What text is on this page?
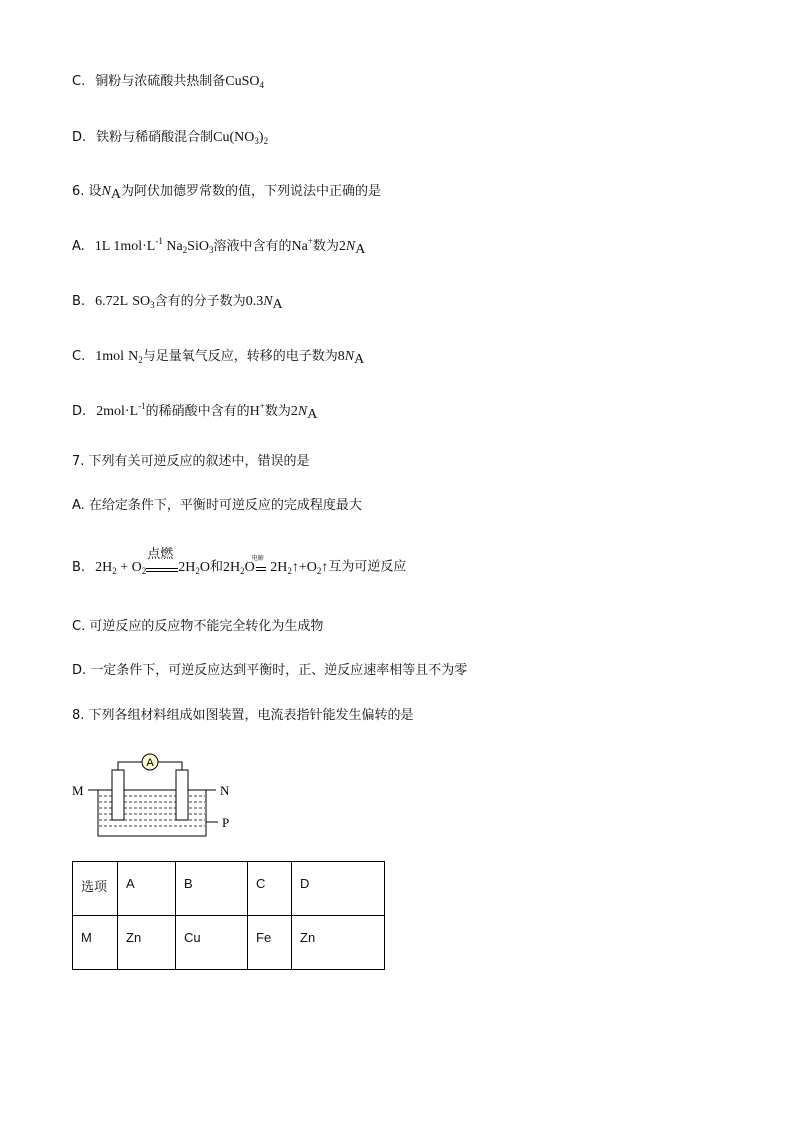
C. 铜粉与浓硫酸共热制备CuSO$_4$
D. 铁粉与稀硝酸混合制$Cu(NO_3)_2$
6. 设$N_A$为阿伏加德罗常数的值，下列说法中正确的是
A. 1L $1mol\cdot L^{-1}$ $Na_2SiO_3$溶液中含有的Na+数为$2N_A$
B. 6.72L $SO_3$含有的分子数为$0.3N_A$
C. 1mol $N_2$与足量氧气反应，转移的电子数为$8N_A$
D. $2mol\cdot L^{-1}$的稀硝酸中含有的H+数为$2N_A$
7. 下列有关可逆反应的叙述中，错误的是
A. 在给定条件下，平衡时可逆反应的完成程度最大
B. $2H_2 + O_2$
点燃
$2H_2O$和$2H_2O$
电解
$2H_2↑+O_2↑$互为可逆反应
C. 可逆反应的反应物不能完全转化为生成物
D. 一定条件下，可逆反应达到平衡时，正、逆反应速率相等且不为零
8. 下列各组材料组成如图装置，电流表指针能发生偏转的是
A
M	N
P
选项	A	B	C	D
M	Zn	Cu	Fe	Zn
